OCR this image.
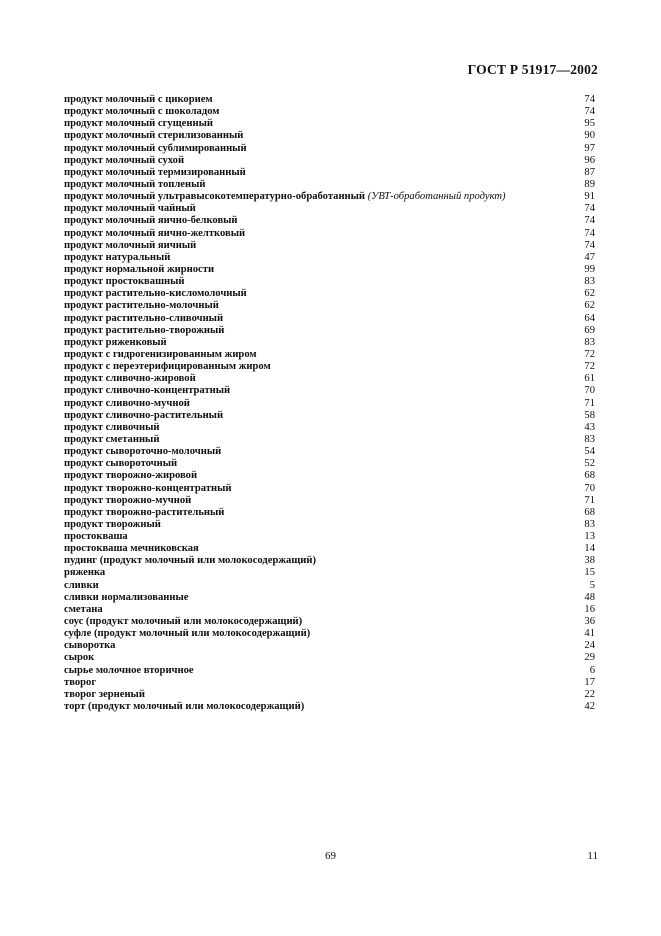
ГОСТ Р 51917—2002
продукт молочный с цикорием	74
продукт молочный с шоколадом	74
продукт молочный сгущенный	95
продукт молочный стерилизованный	90
продукт молочный сублимированный	97
продукт молочный сухой	96
продукт молочный термизированный	87
продукт молочный топленый	89
продукт молочный ультравысокотемпературно-обработанный (УВТ-обработанный продукт)	91
продукт молочный чайный	74
продукт молочный яично-белковый	74
продукт молочный яично-желтковый	74
продукт молочный яичный	74
продукт натуральный	47
продукт нормальной жирности	99
продукт простоквашный	83
продукт растительно-кисломолочный	62
продукт растительно-молочный	62
продукт растительно-сливочный	64
продукт растительно-творожный	69
продукт ряженковый	83
продукт с гидрогенизированным жиром	72
продукт с переэтерифицированным жиром	72
продукт сливочно-жировой	61
продукт сливочно-концентратный	70
продукт сливочно-мучной	71
продукт сливочно-растительный	58
продукт сливочный	43
продукт сметанный	83
продукт сывороточно-молочный	54
продукт сывороточный	52
продукт творожно-жировой	68
продукт творожно-концентратный	70
продукт творожно-мучной	71
продукт творожно-растительный	68
продукт творожный	83
простокваша	13
простокваша мечниковская	14
пудинг (продукт молочный или молокосодержащий)	38
ряженка	15
сливки	5
сливки нормализованные	48
сметана	16
соус (продукт молочный или молокосодержащий)	36
суфле (продукт молочный или молокосодержащий)	41
сыворотка	24
сырок	29
сырье молочное вторичное	6
творог	17
творог зерненый	22
торт (продукт молочный или молокосодержащий)	42
69	11
